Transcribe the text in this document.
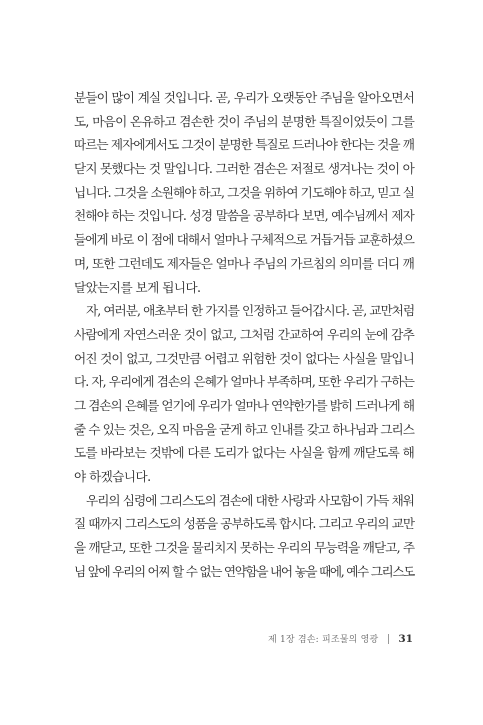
분들이 많이 계실 것입니다. 곧, 우리가 오랫동안 주님을 알아오면서
도, 마음이 온유하고 겸손한 것이 주님의 분명한 특질이었듯이 그를
따르는 제자에게서도 그것이 분명한 특질로 드러나야 한다는 것을 깨
닫지 못했다는 것 말입니다. 그러한 겸손은 저절로 생겨나는 것이 아
닙니다. 그것을 소원해야 하고, 그것을 위하여 기도해야 하고, 믿고 실
천해야 하는 것입니다. 성경 말씀을 공부하다 보면, 예수님께서 제자
들에게 바로 이 점에 대해서 얼마나 구체적으로 거듭거듭 교훈하셨으
며, 또한 그런데도 제자들은 얼마나 주님의 가르침의 의미를 더디 깨
달았는지를 보게 됩니다.
자, 여러분, 애초부터 한 가지를 인정하고 들어갑시다. 곧, 교만처럼
사람에게 자연스러운 것이 없고, 그처럼 간교하여 우리의 눈에 감추
어진 것이 없고, 그것만큼 어렵고 위험한 것이 없다는 사실을 말입니
다. 자, 우리에게 겸손의 은혜가 얼마나 부족하며, 또한 우리가 구하는
그 겸손의 은혜를 얻기에 우리가 얼마나 연약한가를 밝히 드러나게 해
줄 수 있는 것은, 오직 마음을 굳게 하고 인내를 갖고 하나님과 그리스
도를 바라보는 것밖에 다른 도리가 없다는 사실을 함께 깨닫도록 해
야 하겠습니다.
우리의 심령에 그리스도의 겸손에 대한 사랑과 사모함이 가득 채워
질 때까지 그리스도의 성품을 공부하도록 합시다. 그리고 우리의 교만
을 깨닫고, 또한 그것을 물리치지 못하는 우리의 무능력을 깨닫고, 주
님 앞에 우리의 어찌 할 수 없는 연약함을 내어 놓을 때에, 예수 그리스도
제 1장 겸손: 피조물의 영광 31
